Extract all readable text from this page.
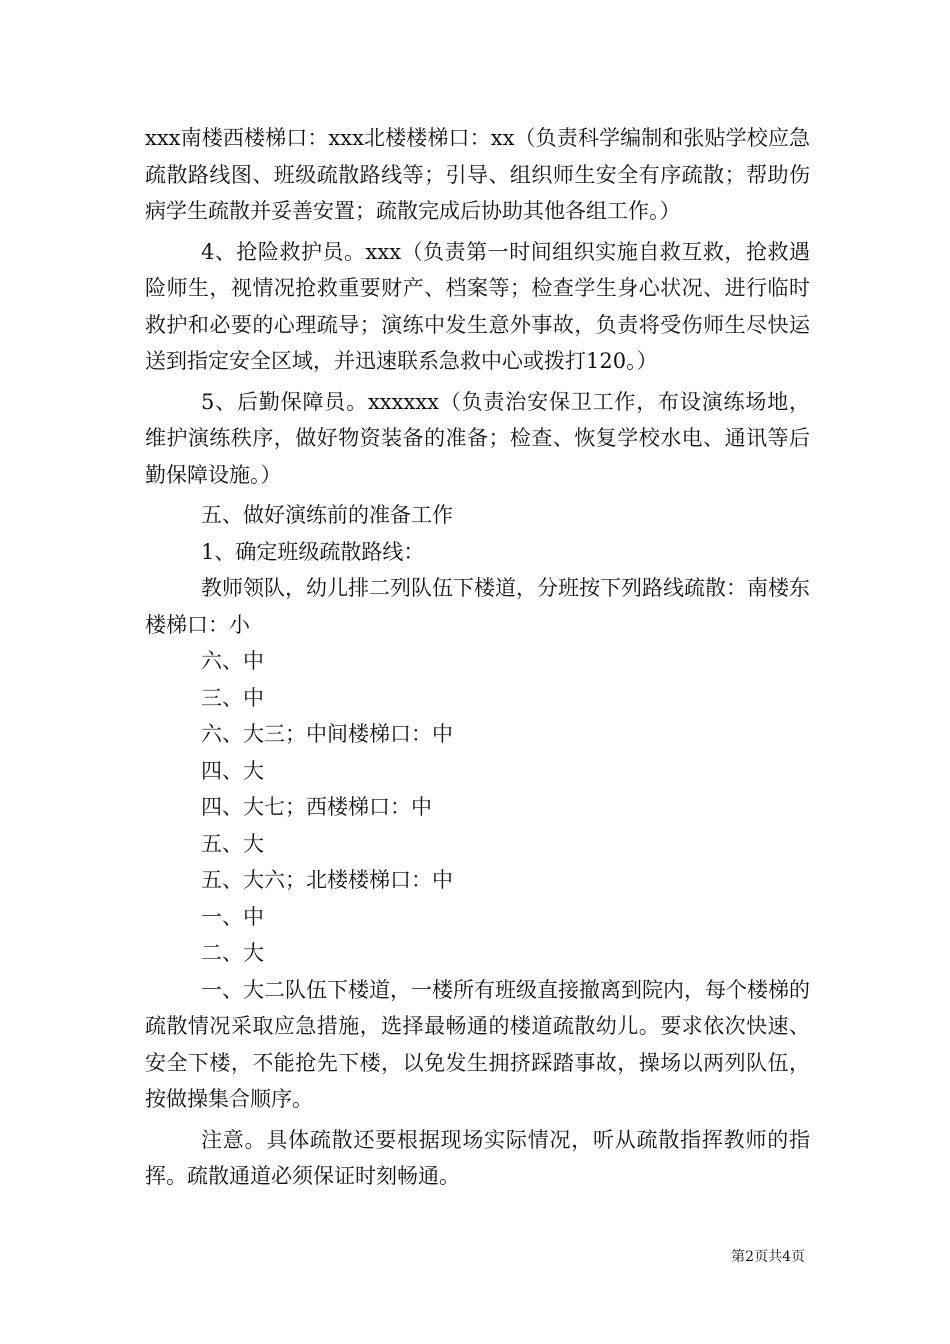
xxx南楼西楼梯口：xxx北楼楼梯口：xx（负责科学编制和张贴学校应急疏散路线图、班级疏散路线等；引导、组织师生安全有序疏散；帮助伤病学生疏散并妥善安置；疏散完成后协助其他各组工作。）

4、抢险救护员。xxx（负责第一时间组织实施自救互救，抢救遇险师生，视情况抢救重要财产、档案等；检查学生身心状况、进行临时救护和必要的心理疏导；演练中发生意外事故，负责将受伤师生尽快运送到指定安全区域，并迅速联系急救中心或拨打120。）

5、后勤保障员。xxxxxx（负责治安保卫工作，布设演练场地，维护演练秩序，做好物资装备的准备；检查、恢复学校水电、通讯等后勤保障设施。）

五、做好演练前的准备工作

1、确定班级疏散路线：

教师领队，幼儿排二列队伍下楼道，分班按下列路线疏散：南楼东楼梯口：小

六、中

三、中

六、大三；中间楼梯口：中

四、大

四、大七；西楼梯口：中

五、大

五、大六；北楼楼梯口：中

一、中

二、大

一、大二队伍下楼道，一楼所有班级直接撤离到院内，每个楼梯的疏散情况采取应急措施，选择最畅通的楼道疏散幼儿。要求依次快速、安全下楼，不能抢先下楼，以免发生拥挤踩踏事故，操场以两列队伍，按做操集合顺序。

注意。具体疏散还要根据现场实际情况，听从疏散指挥教师的指挥。疏散通道必须保证时刻畅通。

第2页共4页
